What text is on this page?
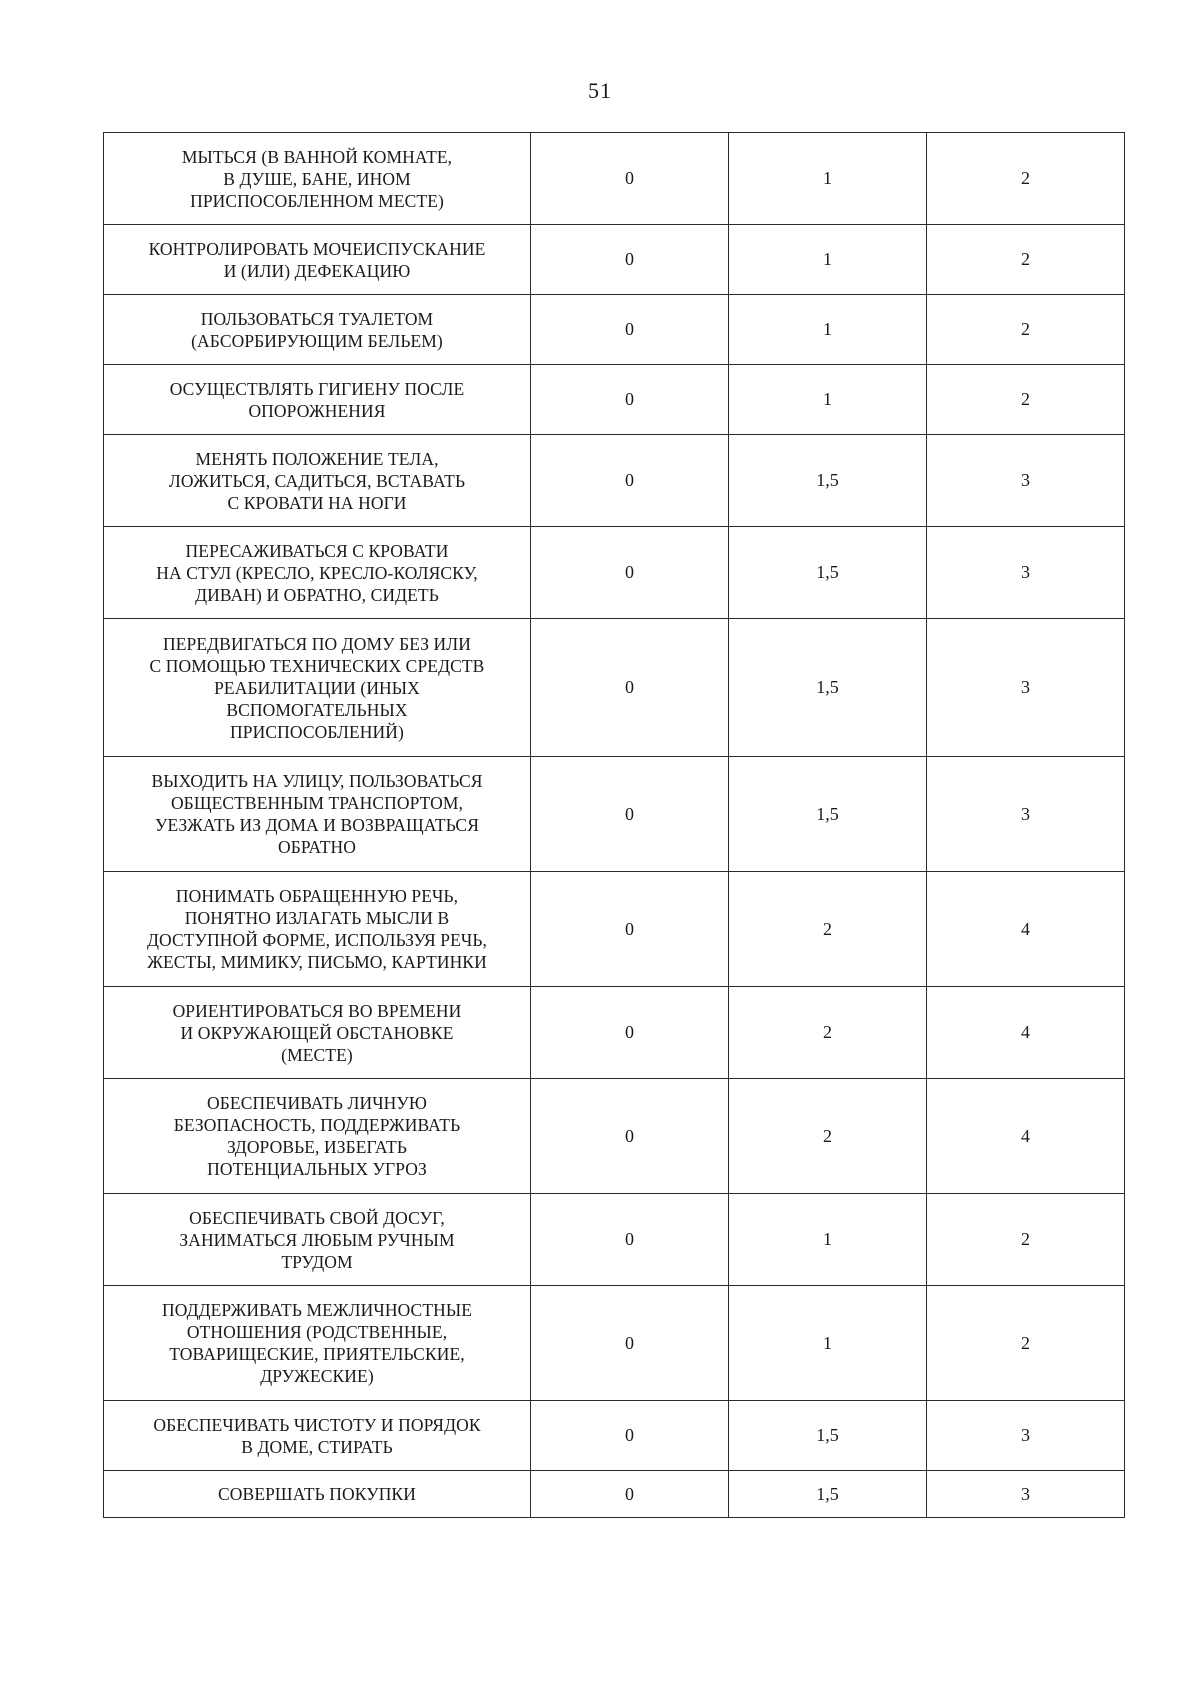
51
МЫТЬСЯ (В ВАННОЙ КОМНАТЕ,
В ДУШЕ, БАНЕ, ИНОМ
ПРИСПОСОБЛЕННОМ МЕСТЕ)	0	1	2
КОНТРОЛИРОВАТЬ МОЧЕИСПУСКАНИЕ
И (ИЛИ) ДЕФЕКАЦИЮ	0	1	2
ПОЛЬЗОВАТЬСЯ ТУАЛЕТОМ
(АБСОРБИРУЮЩИМ БЕЛЬЕМ)	0	1	2
ОСУЩЕСТВЛЯТЬ ГИГИЕНУ ПОСЛЕ
ОПОРОЖНЕНИЯ	0	1	2
МЕНЯТЬ ПОЛОЖЕНИЕ ТЕЛА,
ЛОЖИТЬСЯ, САДИТЬСЯ, ВСТАВАТЬ
С КРОВАТИ НА НОГИ	0	1,5	3
ПЕРЕСАЖИВАТЬСЯ С КРОВАТИ
НА СТУЛ (КРЕСЛО, КРЕСЛО-КОЛЯСКУ,
ДИВАН) И ОБРАТНО, СИДЕТЬ	0	1,5	3
ПЕРЕДВИГАТЬСЯ ПО ДОМУ БЕЗ ИЛИ
С ПОМОЩЬЮ ТЕХНИЧЕСКИХ СРЕДСТВ
РЕАБИЛИТАЦИИ (ИНЫХ
ВСПОМОГАТЕЛЬНЫХ
ПРИСПОСОБЛЕНИЙ)	0	1,5	3
ВЫХОДИТЬ НА УЛИЦУ, ПОЛЬЗОВАТЬСЯ
ОБЩЕСТВЕННЫМ ТРАНСПОРТОМ,
УЕЗЖАТЬ ИЗ ДОМА И ВОЗВРАЩАТЬСЯ
ОБРАТНО	0	1,5	3
ПОНИМАТЬ ОБРАЩЕННУЮ РЕЧЬ,
ПОНЯТНО ИЗЛАГАТЬ МЫСЛИ В
ДОСТУПНОЙ ФОРМЕ, ИСПОЛЬЗУЯ РЕЧЬ,
ЖЕСТЫ, МИМИКУ, ПИСЬМО, КАРТИНКИ	0	2	4
ОРИЕНТИРОВАТЬСЯ ВО ВРЕМЕНИ
И ОКРУЖАЮЩЕЙ ОБСТАНОВКЕ
(МЕСТЕ)	0	2	4
ОБЕСПЕЧИВАТЬ ЛИЧНУЮ
БЕЗОПАСНОСТЬ, ПОДДЕРЖИВАТЬ
ЗДОРОВЬЕ, ИЗБЕГАТЬ
ПОТЕНЦИАЛЬНЫХ УГРОЗ	0	2	4
ОБЕСПЕЧИВАТЬ СВОЙ ДОСУГ,
ЗАНИМАТЬСЯ ЛЮБЫМ РУЧНЫМ
ТРУДОМ	0	1	2
ПОДДЕРЖИВАТЬ МЕЖЛИЧНОСТНЫЕ
ОТНОШЕНИЯ (РОДСТВЕННЫЕ,
ТОВАРИЩЕСКИЕ, ПРИЯТЕЛЬСКИЕ,
ДРУЖЕСКИЕ)	0	1	2
ОБЕСПЕЧИВАТЬ ЧИСТОТУ И ПОРЯДОК
В ДОМЕ, СТИРАТЬ	0	1,5	3
СОВЕРШАТЬ ПОКУПКИ	0	1,5	3
